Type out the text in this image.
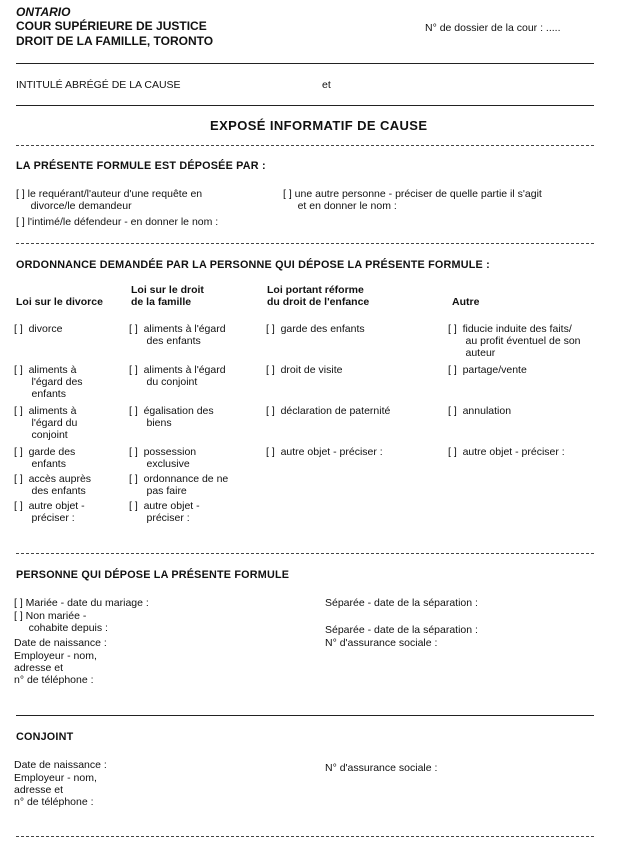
ONTARIO
COUR SUPÉRIEURE DE JUSTICE
DROIT DE LA FAMILLE, TORONTO
N° de dossier de la cour : .....
INTITULÉ ABRÉGÉ DE LA CAUSE	et
EXPOSÉ INFORMATIF DE CAUSE
LA PRÉSENTE FORMULE EST DÉPOSÉE PAR :
[ ] le requérant/l'auteur d'une requête en
divorce/le demandeur
[ ] l'intimé/le défendeur - en donner le nom :
[ ] une autre personne - préciser de quelle partie il s'agit
et en donner le nom :
ORDONNANCE DEMANDÉE PAR LA PERSONNE QUI DÉPOSE LA PRÉSENTE FORMULE :
Loi sur le divorce
Loi sur le droit
de la famille
Loi portant réforme
du droit de l'enfance	Autre
[ ]  divorce
[ ]  aliments à
l'égard des
enfants
[ ]  aliments à
l'égard du
conjoint
[ ]  garde des
enfants
[ ]  accès auprès
des enfants
[ ]  autre objet -
préciser :
[ ]  aliments à l'égard
des enfants
[ ]  aliments à l'égard
du conjoint
[ ]  égalisation des
biens
[ ]  possession
exclusive
[ ]  ordonnance de ne
pas faire
[ ]  autre objet -
préciser :
[ ]  garde des enfants
[ ]  droit de visite
[ ]  déclaration de paternité
[ ]  autre objet - préciser :
[ ]  fiducie induite des faits/
au profit éventuel de son
auteur
[ ]  partage/vente
[ ]  annulation
[ ]  autre objet - préciser :
PERSONNE QUI DÉPOSE LA PRÉSENTE FORMULE
[ ] Mariée - date du mariage :
[ ] Non mariée -
cohabite depuis :
Date de naissance :
Employeur - nom,
adresse et
n° de téléphone :
Séparée - date de la séparation :
Séparée - date de la séparation :
N° d'assurance sociale :
CONJOINT
Date de naissance :
Employeur - nom,
adresse et
n° de téléphone :
N° d'assurance sociale :
